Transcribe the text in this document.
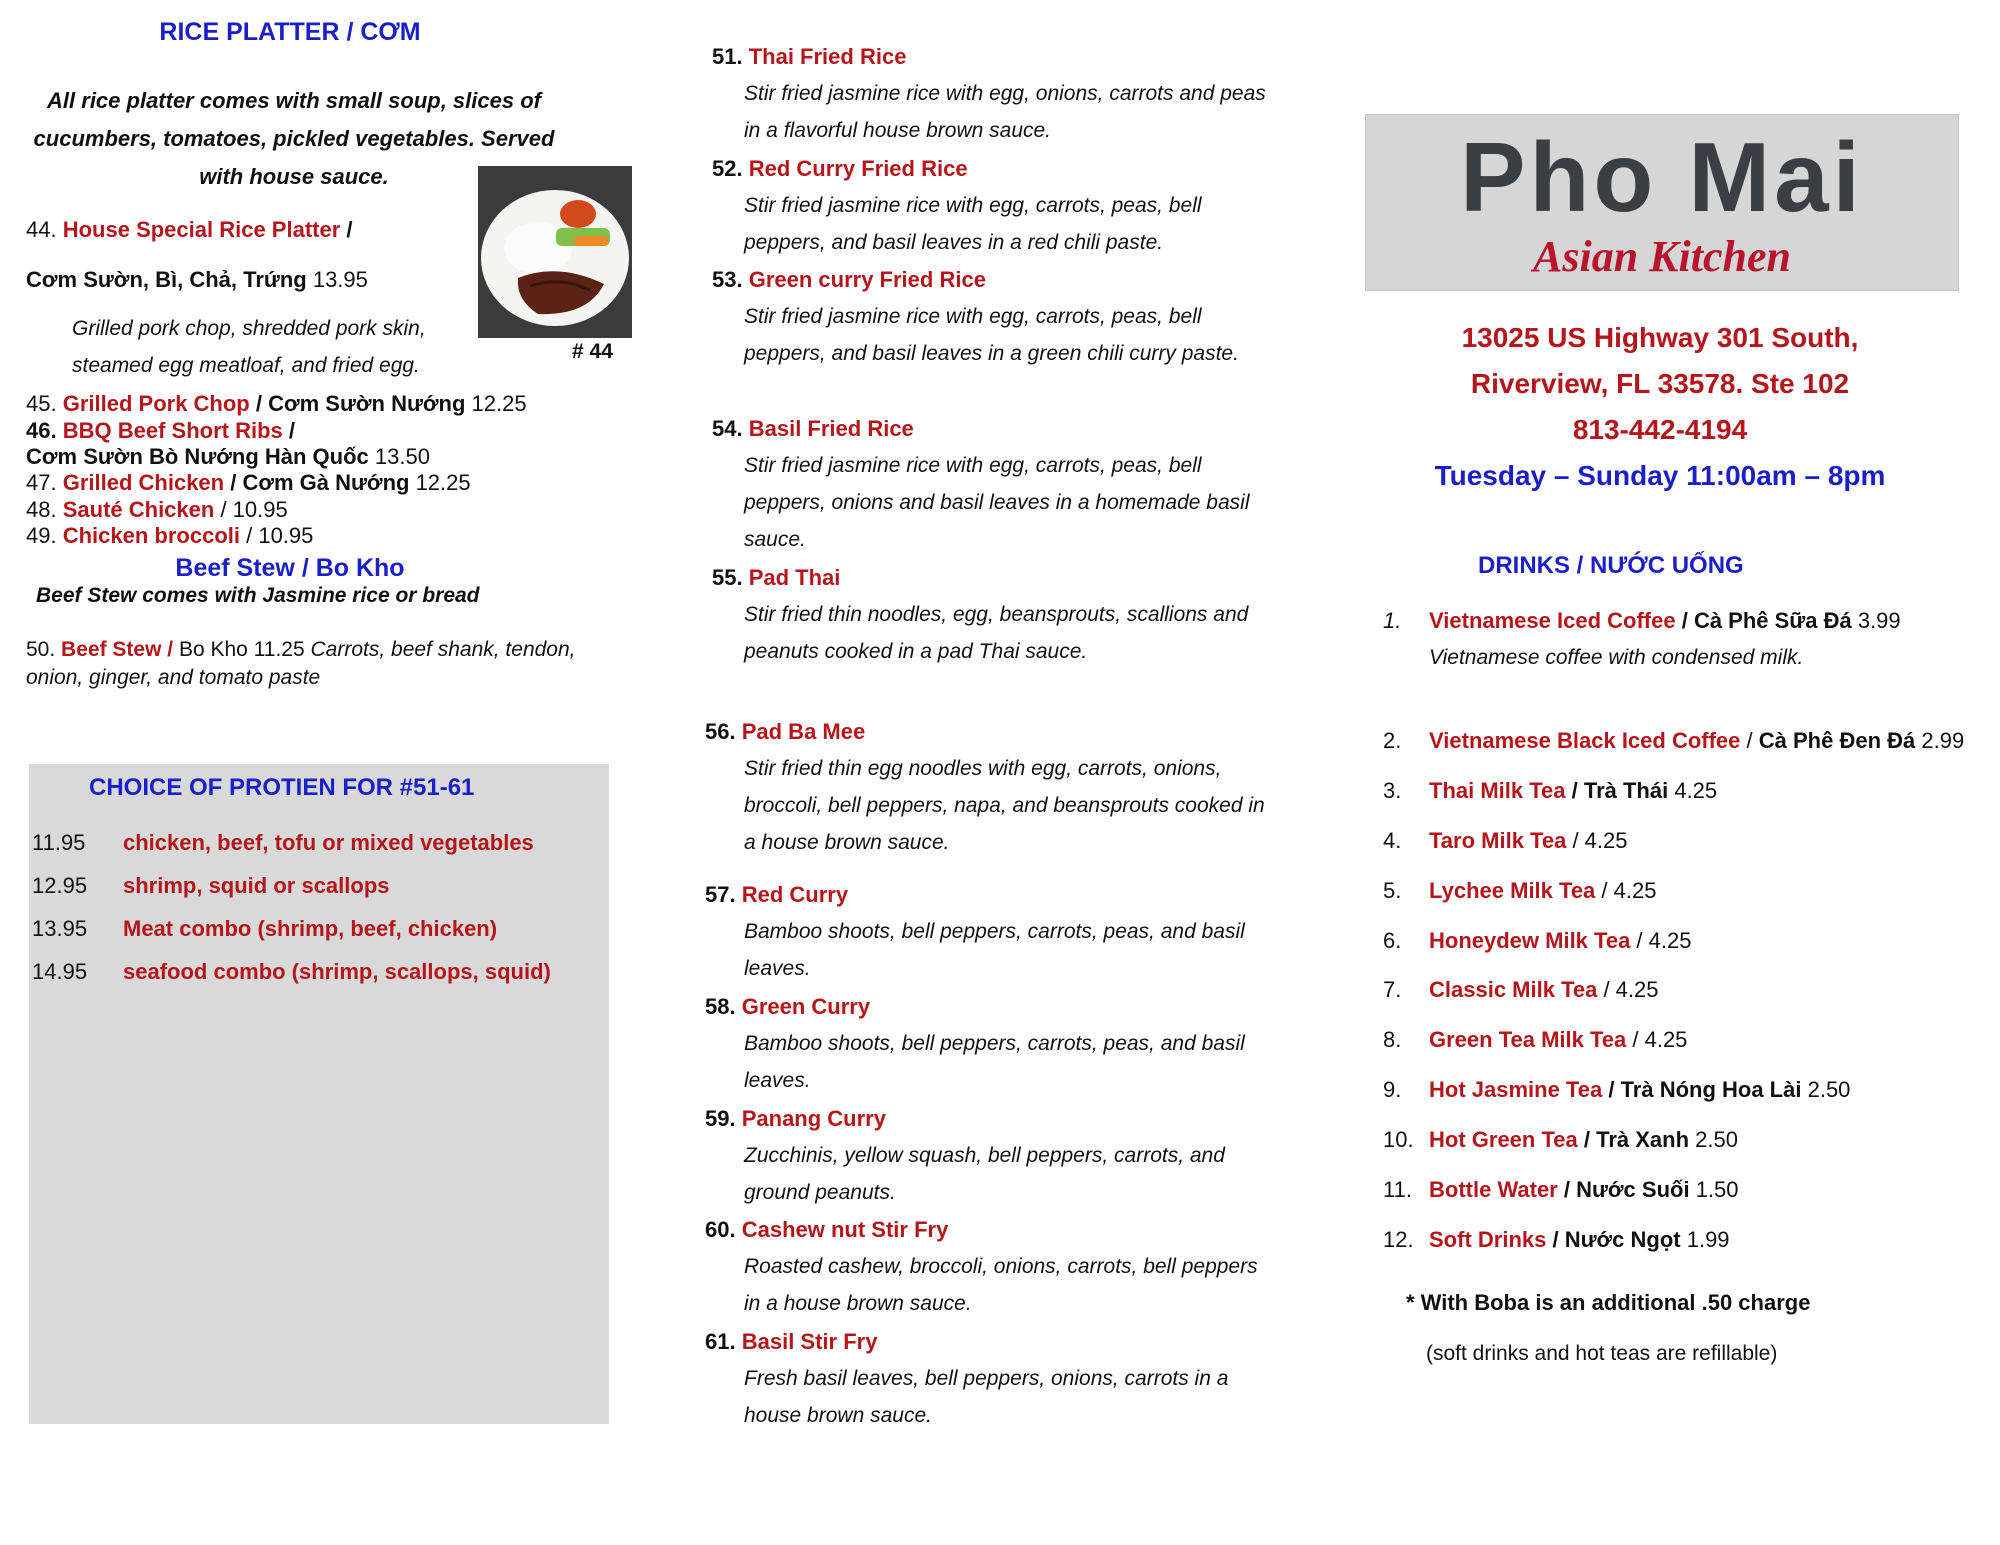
RICE PLATTER / CƠM
All rice platter comes with small soup, slices of cucumbers, tomatoes, pickled vegetables. Served with house sauce.
# 44
44. House Special Rice Platter /
Cơm Sườn, Bì, Chả, Trứng 13.95
Grilled pork chop, shredded pork skin, steamed egg meatloaf, and fried egg.
45. Grilled Pork Chop / Cơm Sườn Nướng 12.25
46. BBQ Beef Short Ribs /
Cơm Sườn Bò Nướng Hàn Quốc 13.50
47. Grilled Chicken / Cơm Gà Nướng 12.25
48. Sauté Chicken / 10.95
49. Chicken broccoli / 10.95
Beef Stew / Bo Kho
Beef Stew comes with Jasmine rice or bread
50. Beef Stew / Bo Kho 11.25 Carrots, beef shank, tendon, onion, ginger, and tomato paste
CHOICE OF PROTIEN FOR #51-61
11.95 chicken, beef, tofu or mixed vegetables
12.95 shrimp, squid or scallops
13.95 Meat combo (shrimp, beef, chicken)
14.95 seafood combo (shrimp, scallops, squid)
51. Thai Fried Rice
Stir fried jasmine rice with egg, onions, carrots and peas in a flavorful house brown sauce.
52. Red Curry Fried Rice
Stir fried jasmine rice with egg, carrots, peas, bell peppers, and basil leaves in a red chili paste.
53. Green curry Fried Rice
Stir fried jasmine rice with egg, carrots, peas, bell peppers, and basil leaves in a green chili curry paste.
54. Basil Fried Rice
Stir fried jasmine rice with egg, carrots, peas, bell peppers, onions and basil leaves in a homemade basil sauce.
55. Pad Thai
Stir fried thin noodles, egg, beansprouts, scallions and peanuts cooked in a pad Thai sauce.
56. Pad Ba Mee
Stir fried thin egg noodles with egg, carrots, onions, broccoli, bell peppers, napa, and beansprouts cooked in a house brown sauce.
57. Red Curry
Bamboo shoots, bell peppers, carrots, peas, and basil leaves.
58. Green Curry
Bamboo shoots, bell peppers, carrots, peas, and basil leaves.
59. Panang Curry
Zucchinis, yellow squash, bell peppers, carrots, and ground peanuts.
60. Cashew nut Stir Fry
Roasted cashew, broccoli, onions, carrots, bell peppers in a house brown sauce.
61. Basil Stir Fry
Fresh basil leaves, bell peppers, onions, carrots in a house brown sauce.
Pho Mai
Asian Kitchen
13025 US Highway 301 South,
Riverview, FL 33578. Ste 102
813-442-4194
Tuesday – Sunday 11:00am – 8pm
DRINKS / NƯỚC UỐNG
1. Vietnamese Iced Coffee / Cà Phê Sữa Đá 3.99
Vietnamese coffee with condensed milk.
2. Vietnamese Black Iced Coffee / Cà Phê Đen Đá 2.99
3. Thai Milk Tea / Trà Thái 4.25
4. Taro Milk Tea / 4.25
5. Lychee Milk Tea / 4.25
6. Honeydew Milk Tea / 4.25
7. Classic Milk Tea / 4.25
8. Green Tea Milk Tea / 4.25
9. Hot Jasmine Tea / Trà Nóng Hoa Lài 2.50
10. Hot Green Tea / Trà Xanh 2.50
11. Bottle Water / Nước Suối 1.50
12. Soft Drinks / Nước Ngọt 1.99
* With Boba is an additional .50 charge
(soft drinks and hot teas are refillable)
